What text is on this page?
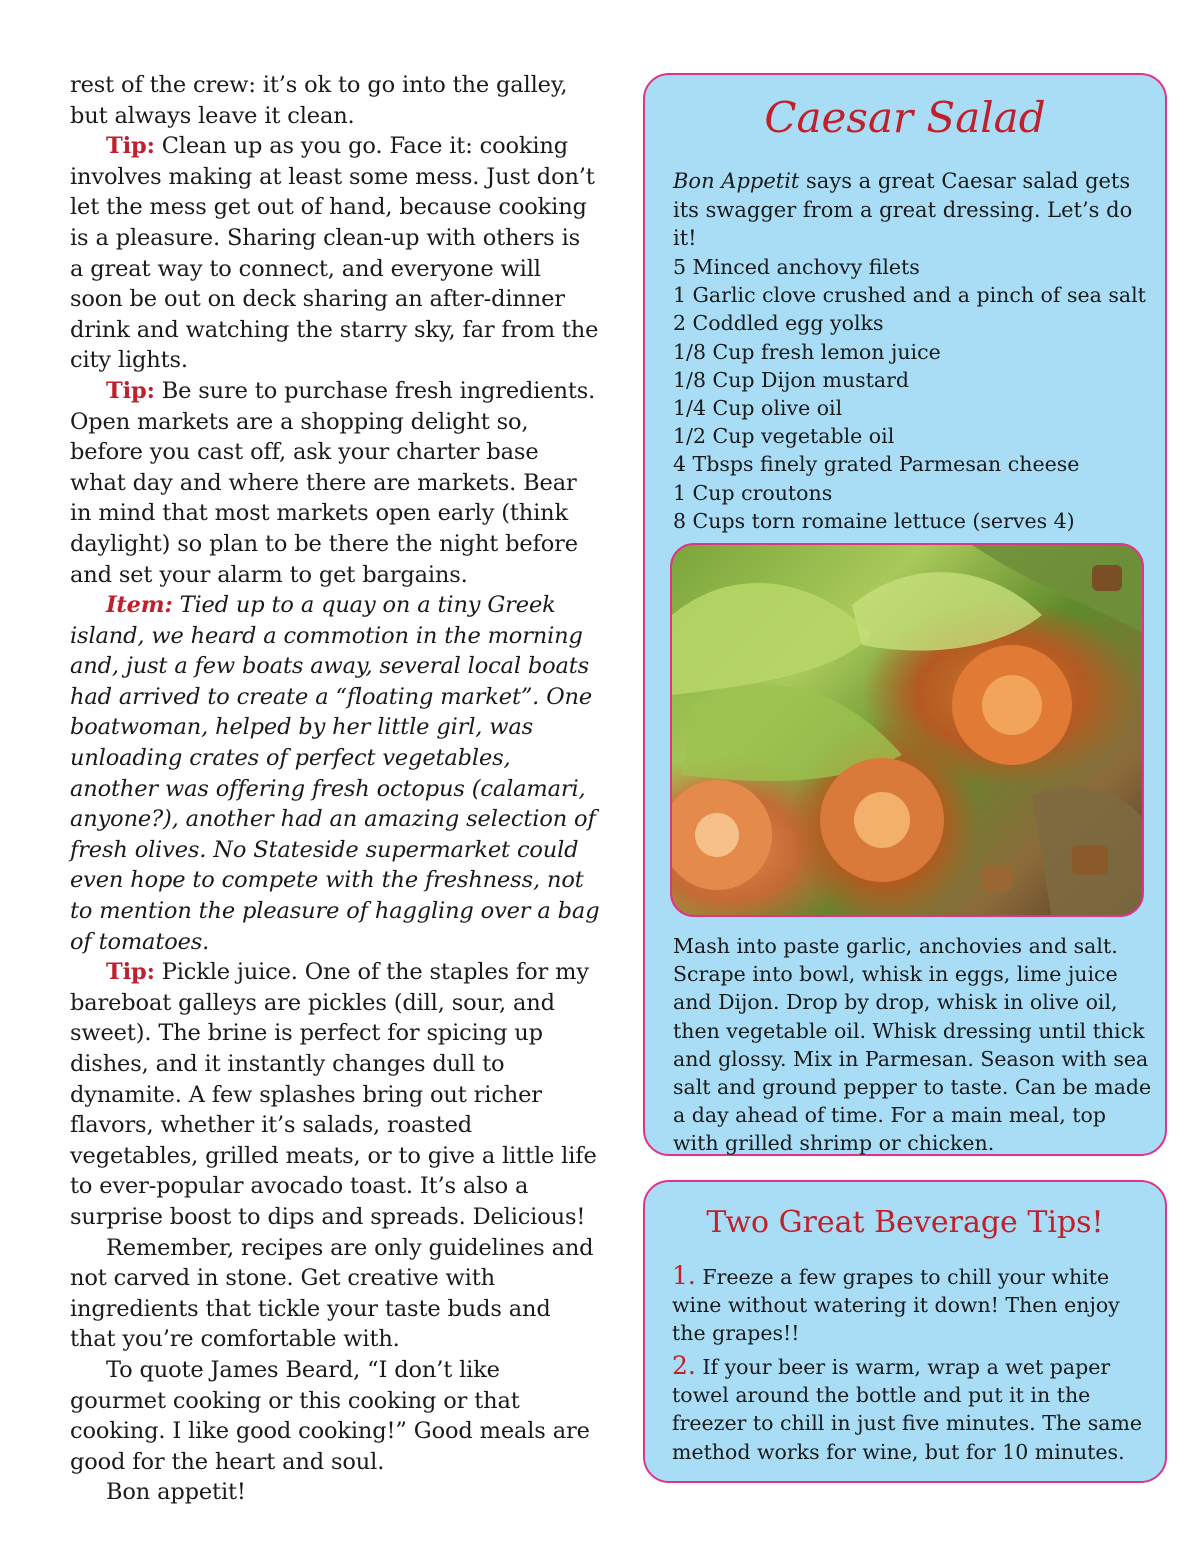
rest of the crew: it’s ok to go into the galley, but always leave it clean.

Tip: Clean up as you go. Face it: cooking involves making at least some mess. Just don’t let the mess get out of hand, because cooking is a pleasure. Sharing clean-up with others is a great way to connect, and everyone will soon be out on deck sharing an after-dinner drink and watching the starry sky, far from the city lights.

Tip: Be sure to purchase fresh ingredients. Open markets are a shopping delight so, before you cast off, ask your charter base what day and where there are markets. Bear in mind that most markets open early (think daylight) so plan to be there the night before and set your alarm to get bargains.

Item: Tied up to a quay on a tiny Greek island, we heard a commotion in the morning and, just a few boats away, several local boats had arrived to create a “floating market”. One boatwoman, helped by her little girl, was unloading crates of perfect vegetables, another was offering fresh octopus (calamari, anyone?), another had an amazing selection of fresh olives. No Stateside supermarket could even hope to compete with the freshness, not to mention the pleasure of haggling over a bag of tomatoes.

Tip: Pickle juice. One of the staples for my bareboat galleys are pickles (dill, sour, and sweet). The brine is perfect for spicing up dishes, and it instantly changes dull to dynamite. A few splashes bring out richer flavors, whether it’s salads, roasted vegetables, grilled meats, or to give a little life to ever-popular avocado toast. It’s also a surprise boost to dips and spreads. Delicious!

Remember, recipes are only guidelines and not carved in stone. Get creative with ingredients that tickle your taste buds and that you’re comfortable with.

To quote James Beard, “I don’t like gourmet cooking or this cooking or that cooking. I like good cooking!” Good meals are good for the heart and soul.

Bon appetit!

Caesar Salad
Bon Appetit says a great Caesar salad gets its swagger from a great dressing. Let’s do it!
5 Minced anchovy filets
1 Garlic clove crushed and a pinch of sea salt
2 Coddled egg yolks
1/8 Cup fresh lemon juice
1/8 Cup Dijon mustard
1/4 Cup olive oil
1/2 Cup vegetable oil
4 Tbsps finely grated Parmesan cheese
1 Cup croutons
8 Cups torn romaine lettuce (serves 4)
Mash into paste garlic, anchovies and salt. Scrape into bowl, whisk in eggs, lime juice and Dijon. Drop by drop, whisk in olive oil, then vegetable oil. Whisk dressing until thick and glossy. Mix in Parmesan. Season with sea salt and ground pepper to taste. Can be made a day ahead of time. For a main meal, top with grilled shrimp or chicken.
Two Great Beverage Tips!
1. Freeze a few grapes to chill your white wine without watering it down! Then enjoy the grapes!!
2. If your beer is warm, wrap a wet paper towel around the bottle and put it in the freezer to chill in just five minutes. The same method works for wine, but for 10 minutes.
